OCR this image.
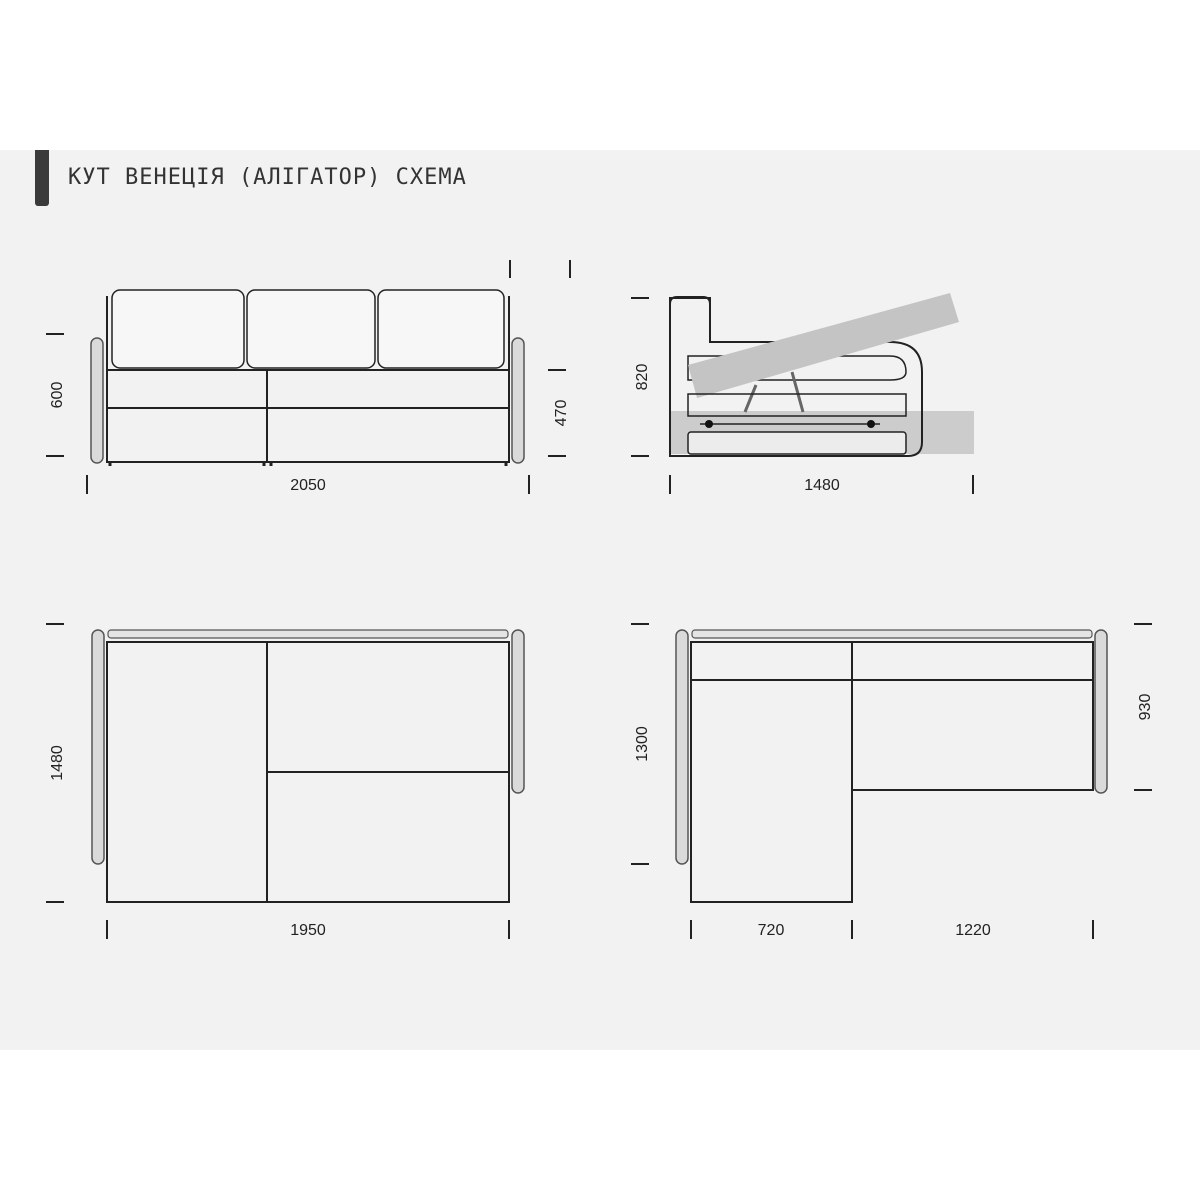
КУТ ВЕНЕЦІЯ (АЛІГАТОР) СХЕМА
2050
600
470
1480
820
1950
1480
720	1220
1300
930
